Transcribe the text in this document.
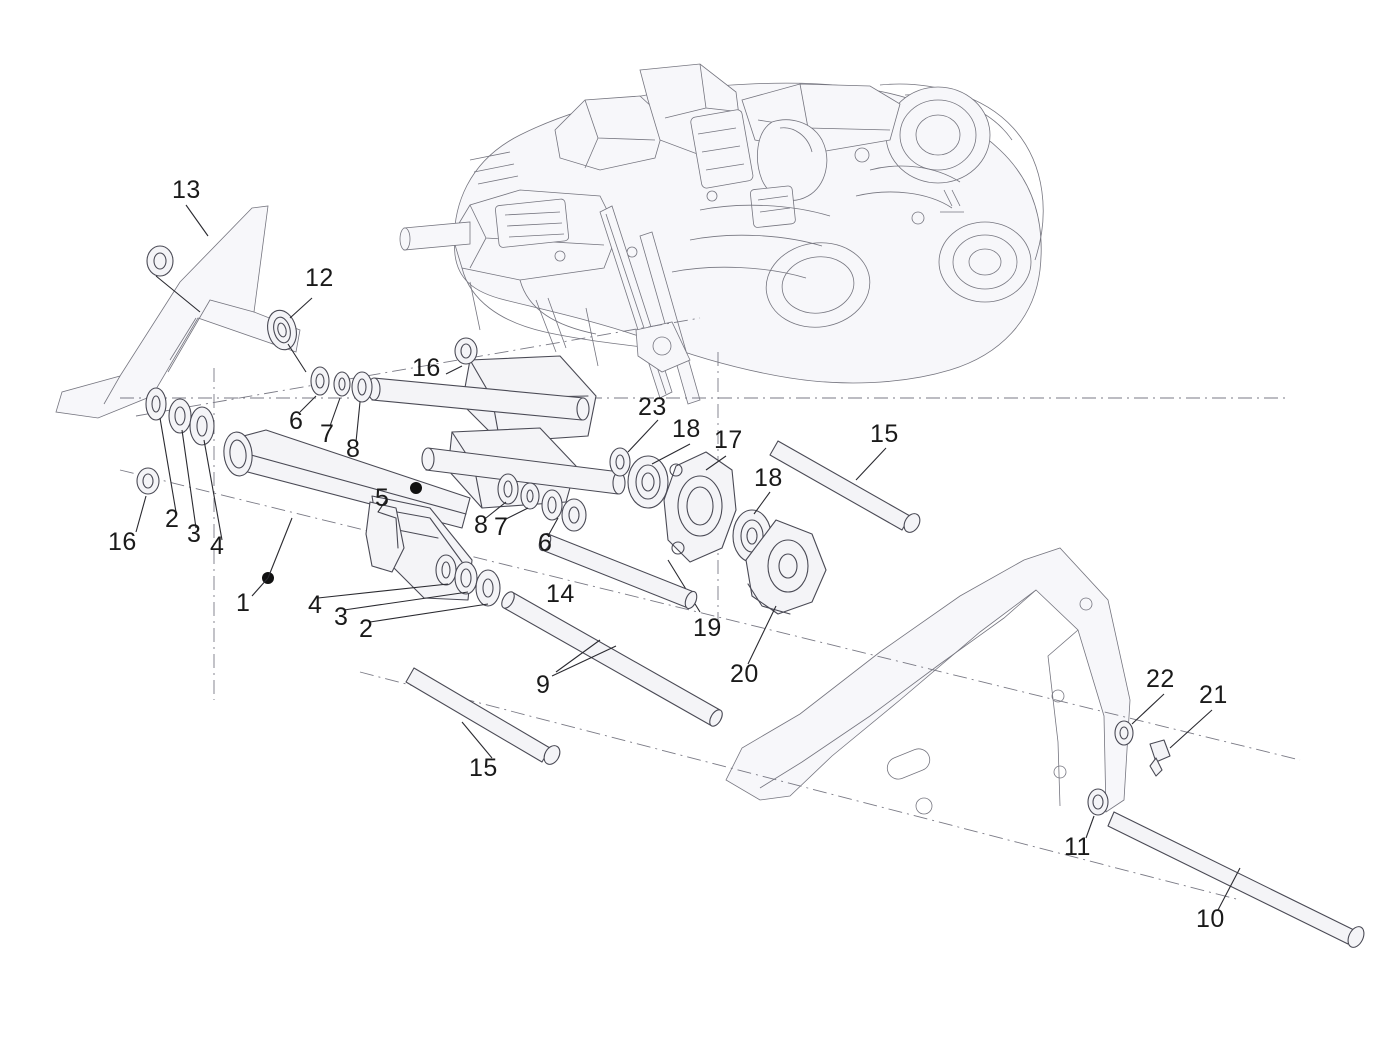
13
12
16
6 7
8
23
18 17	15
18
16
2
3 4
5
8 7
6
1 4 3 2
14
19
20
9
15
22
21
11
10
